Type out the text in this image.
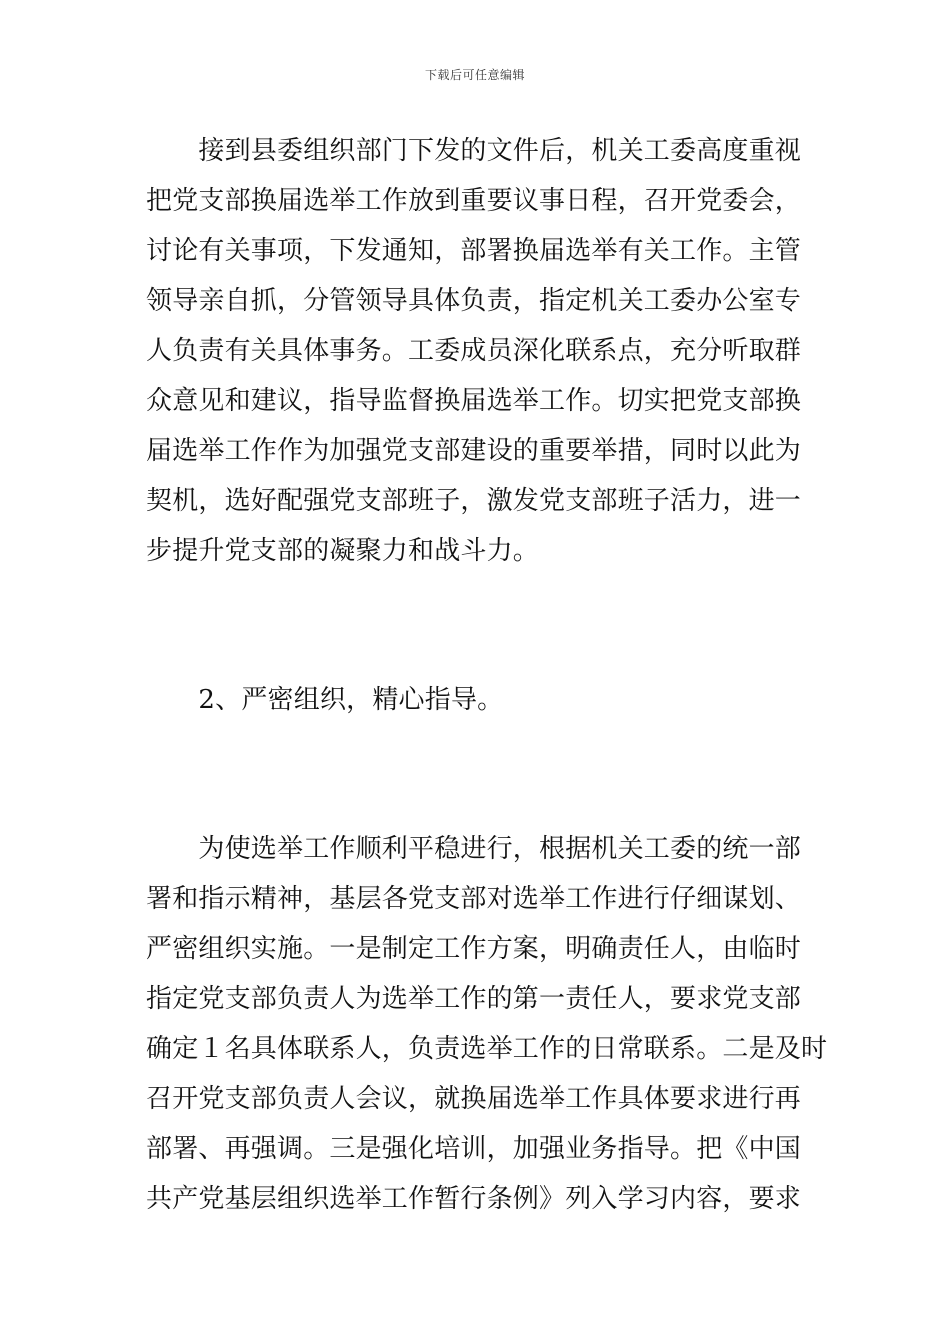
下载后可任意编辑
　　接到县委组织部门下发的文件后，机关工委高度重视
把党支部换届选举工作放到重要议事日程，召开党委会，
讨论有关事项，下发通知，部署换届选举有关工作。主管
领导亲自抓，分管领导具体负责，指定机关工委办公室专
人负责有关具体事务。工委成员深化联系点，充分听取群
众意见和建议，指导监督换届选举工作。切实把党支部换
届选举工作作为加强党支部建设的重要举措，同时以此为
契机，选好配强党支部班子，激发党支部班子活力，进一
步提升党支部的凝聚力和战斗力。
　　2、严密组织，精心指导。
　　为使选举工作顺利平稳进行，根据机关工委的统一部
署和指示精神，基层各党支部对选举工作进行仔细谋划、
严密组织实施。一是制定工作方案，明确责任人，由临时
指定党支部负责人为选举工作的第一责任人，要求党支部
确定１名具体联系人，负责选举工作的日常联系。二是及时
召开党支部负责人会议，就换届选举工作具体要求进行再
部署、再强调。三是强化培训，加强业务指导。把《中国
共产党基层组织选举工作暂行条例》列入学习内容，要求
